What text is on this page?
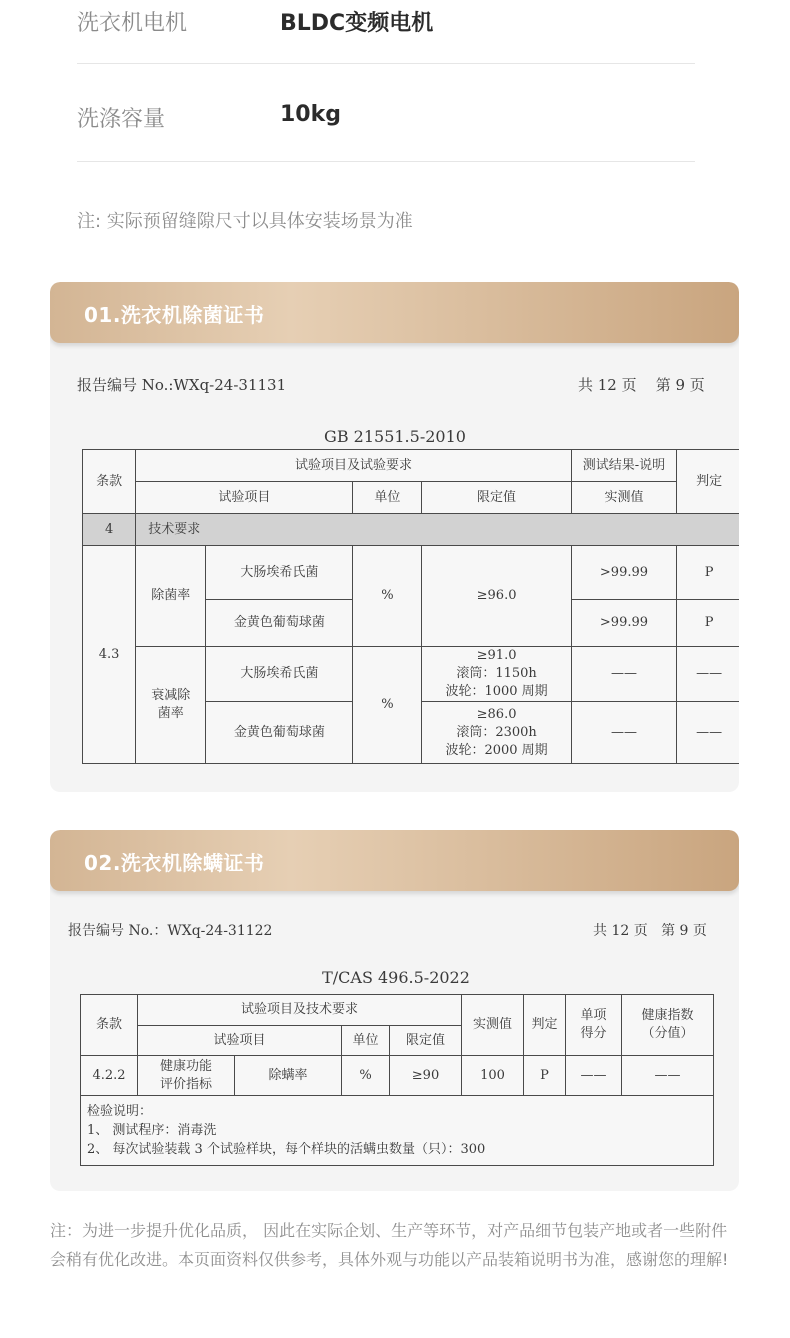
洗衣机电机	BLDC变频电机
洗涤容量	10kg
注: 实际预留缝隙尺寸以具体安装场景为准
01.洗衣机除菌证书
报告编号 No.:WXq-24-31131	共 12 页    第 9 页
GB 21551.5-2010
条款	试验项目及试验要求				测试结果-说明	判定
	试验项目		单位	限定值	实测值	
4	技术要求					
4.3	除菌率	大肠埃希氏菌	%	≥96.0	>99.99	P
		金黄色葡萄球菌			>99.99	P
	衰减除菌率	大肠埃希氏菌	%	≥91.0
滚筒：1150h
波轮：1000 周期	——	——
		金黄色葡萄球菌		≥86.0
滚筒：2300h
波轮：2000 周期	——	——
02.洗衣机除螨证书
报告编号 No.：WXq-24-31122	共 12 页   第 9 页
T/CAS 496.5-2022
条款	试验项目及技术要求				实测值	判定	单项得分	健康指数（分值）
	试验项目		单位	限定值				
4.2.2	健康功能评价指标	除螨率	%	≥90	100	P	——	——

检验说明：
1、 测试程序：消毒洗
2、 每次试验装载 3 个试验样块，每个样块的活螨虫数量（只）：300								
注：为进一步提升优化品质， 因此在实际企划、生产等环节，对产品细节包装产地或者一些附件会稍有优化改进。本页面资料仅供参考，具体外观与功能以产品装箱说明书为准，感谢您的理解!
